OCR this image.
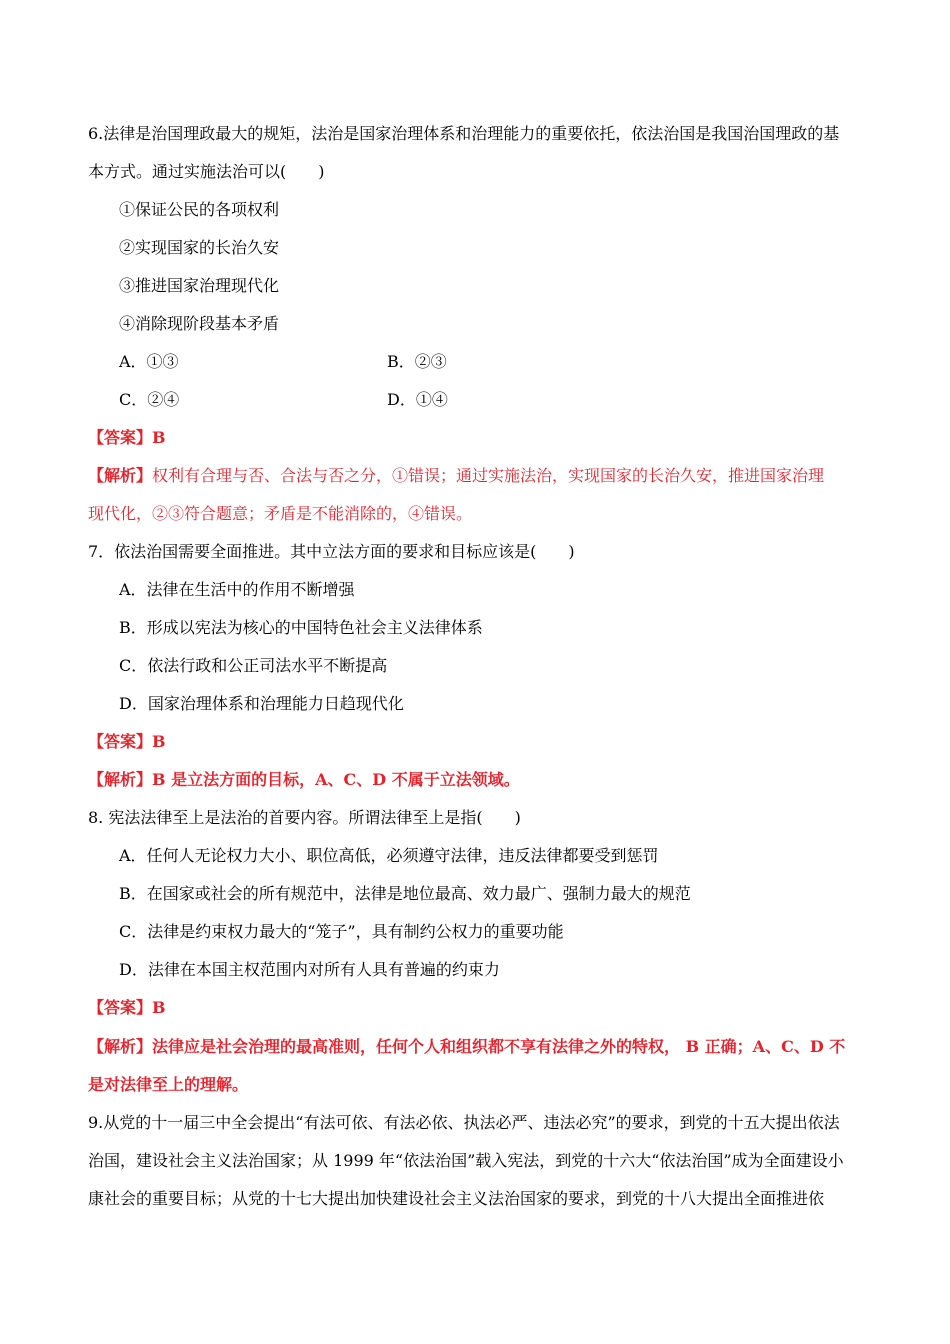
6.法律是治国理政最大的规矩，法治是国家治理体系和治理能力的重要依托，依法治国是我国治国理政的基
本方式。通过实施法治可以(　　)
①保证公民的各项权利
②实现国家的长治久安
③推进国家治理现代化
④消除现阶段基本矛盾
A．①③	B．②③
C．②④	D．①④
【答案】B
【解析】权利有合理与否、合法与否之分，①错误；通过实施法治，实现国家的长治久安，推进国家治理
现代化，②③符合题意；矛盾是不能消除的，④错误。
7．依法治国需要全面推进。其中立法方面的要求和目标应该是(　　)
A．法律在生活中的作用不断增强
B．形成以宪法为核心的中国特色社会主义法律体系
C．依法行政和公正司法水平不断提高
D．国家治理体系和治理能力日趋现代化
【答案】B
【解析】B 是立法方面的目标，A、C、D 不属于立法领域。
8. 宪法法律至上是法治的首要内容。所谓法律至上是指(　　)
A．任何人无论权力大小、职位高低，必须遵守法律，违反法律都要受到惩罚
B．在国家或社会的所有规范中，法律是地位最高、效力最广、强制力最大的规范
C．法律是约束权力最大的“笼子”，具有制约公权力的重要功能
D．法律在本国主权范围内对所有人具有普遍的约束力
【答案】B
【解析】法律应是社会治理的最高准则，任何个人和组织都不享有法律之外的特权， B 正确；A、C、D 不
是对法律至上的理解。
9.从党的十一届三中全会提出“有法可依、有法必依、执法必严、违法必究”的要求，到党的十五大提出依法
治国，建设社会主义法治国家；从 1999 年“依法治国”载入宪法，到党的十六大“依法治国”成为全面建设小
康社会的重要目标；从党的十七大提出加快建设社会主义法治国家的要求，到党的十八大提出全面推进依
